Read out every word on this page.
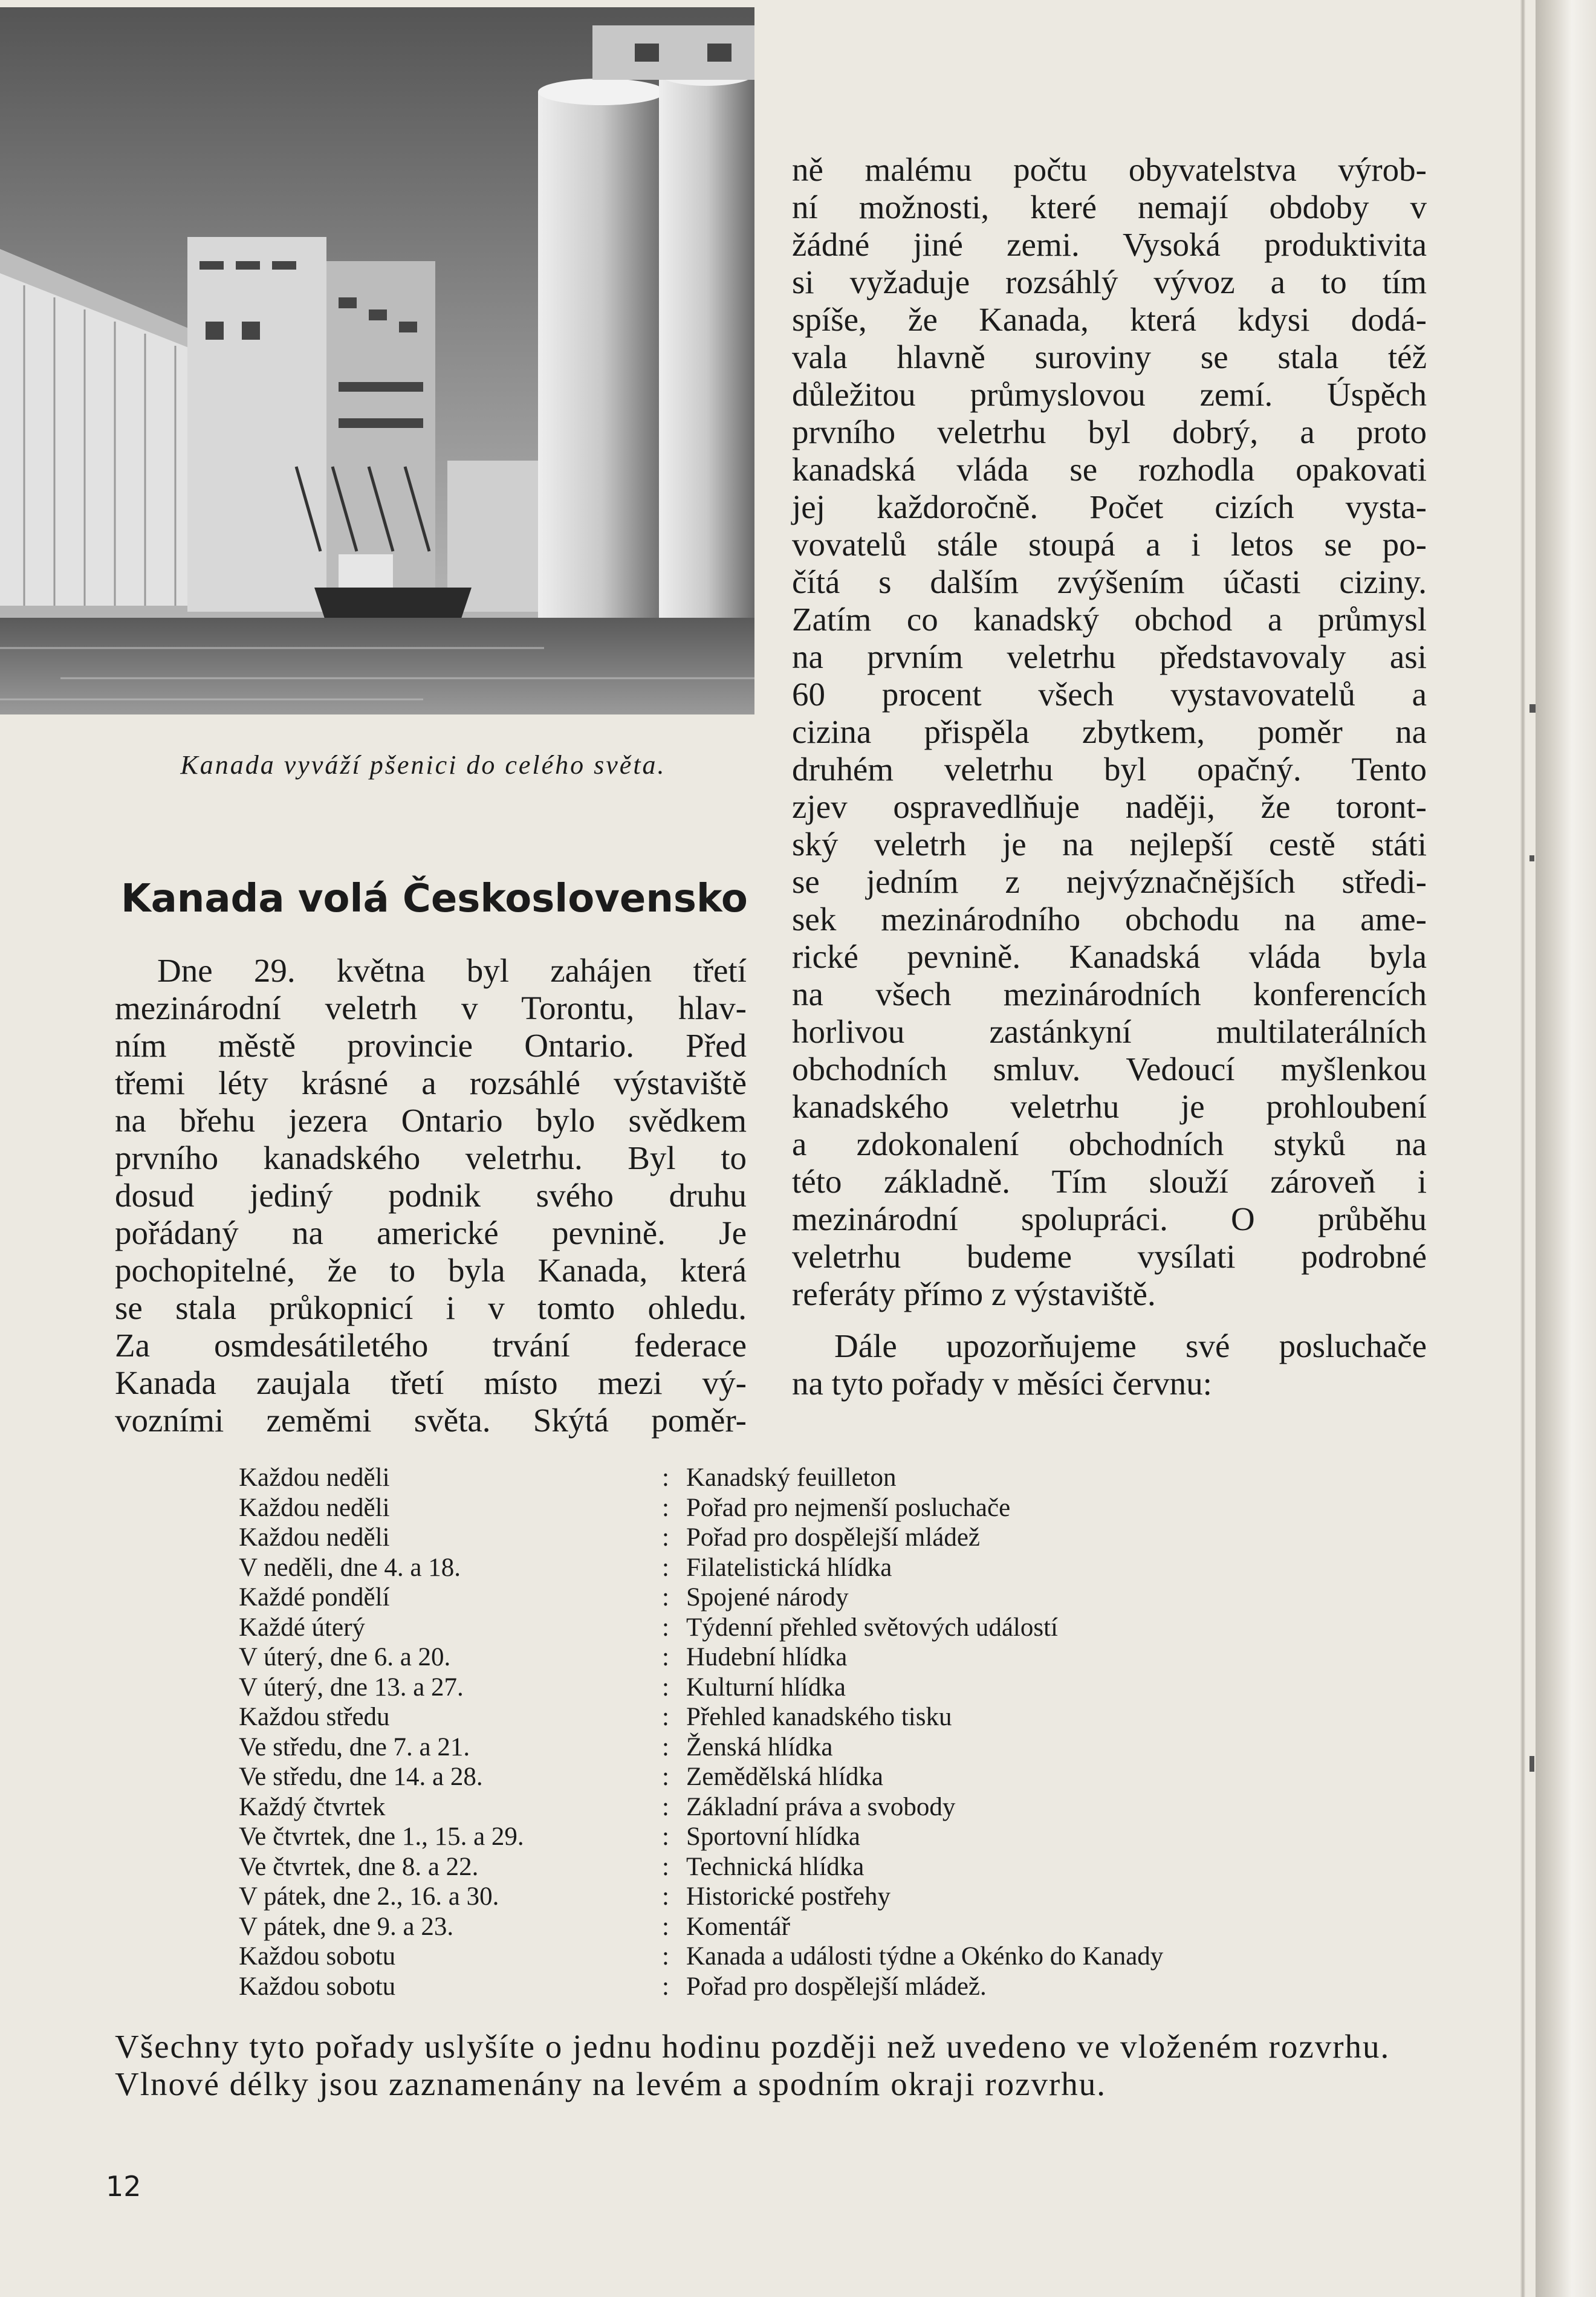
Kanada vyváží pšenici do celého světa.
Kanada volá Československo
Dne 29. května byl zahájen třetí
mezinárodní veletrh v Torontu, hlav-
ním městě provincie Ontario. Před
třemi léty krásné a rozsáhlé výstaviště
na břehu jezera Ontario bylo svědkem
prvního kanadského veletrhu. Byl to
dosud jediný podnik svého druhu
pořádaný na americké pevnině. Je
pochopitelné, že to byla Kanada, která
se stala průkopnicí i v tomto ohledu.
Za osmdesátiletého trvání federace
Kanada zaujala třetí místo mezi vý-
vozními zeměmi světa. Skýtá poměr-
ně malému počtu obyvatelstva výrob-
ní možnosti, které nemají obdoby v
žádné jiné zemi. Vysoká produktivita
si vyžaduje rozsáhlý vývoz a to tím
spíše, že Kanada, která kdysi dodá-
vala hlavně suroviny se stala též
důležitou průmyslovou zemí. Úspěch
prvního veletrhu byl dobrý, a proto
kanadská vláda se rozhodla opakovati
jej každoročně. Počet cizích vysta-
vovatelů stále stoupá a i letos se po-
čítá s dalším zvýšením účasti ciziny.
Zatím co kanadský obchod a průmysl
na prvním veletrhu představovaly asi
60 procent všech vystavovatelů a
cizina přispěla zbytkem, poměr na
druhém veletrhu byl opačný. Tento
zjev ospravedlňuje naději, že toront-
ský veletrh je na nejlepší cestě státi
se jedním z nejvýznačnějších středi-
sek mezinárodního obchodu na ame-
rické pevnině. Kanadská vláda byla
na všech mezinárodních konferencích
horlivou zastánkyní multilaterálních
obchodních smluv. Vedoucí myšlenkou
kanadského veletrhu je prohloubení
a zdokonalení obchodních styků na
této základně. Tím slouží zároveň i
mezinárodní spolupráci. O průběhu
veletrhu budeme vysílati podrobné
referáty přímo z výstaviště.
Dále upozorňujeme své posluchače
na tyto pořady v měsíci červnu:
Každou neděli	: Kanadský feuilleton
Každou neděli	: Pořad pro nejmenší posluchače
Každou neděli	: Pořad pro dospělejší mládež
V neděli, dne 4. a 18.	: Filatelistická hlídka
Každé pondělí	: Spojené národy
Každé úterý	: Týdenní přehled světových událostí
V úterý, dne 6. a 20.	: Hudební hlídka
V úterý, dne 13. a 27.	: Kulturní hlídka
Každou středu	: Přehled kanadského tisku
Ve středu, dne 7. a 21.	: Ženská hlídka
Ve středu, dne 14. a 28.	: Zemědělská hlídka
Každý čtvrtek	: Základní práva a svobody
Ve čtvrtek, dne 1., 15. a 29.	: Sportovní hlídka
Ve čtvrtek, dne 8. a 22.	: Technická hlídka
V pátek, dne 2., 16. a 30.	: Historické postřehy
V pátek, dne 9. a 23.	: Komentář
Každou sobotu	: Kanada a události týdne a Okénko do Kanady
Každou sobotu	: Pořad pro dospělejší mládež.
Všechny tyto pořady uslyšíte o jednu hodinu později než uvedeno ve vloženém rozvrhu. Vlnové délky jsou zaznamenány na levém a spodním okraji rozvrhu.
12
